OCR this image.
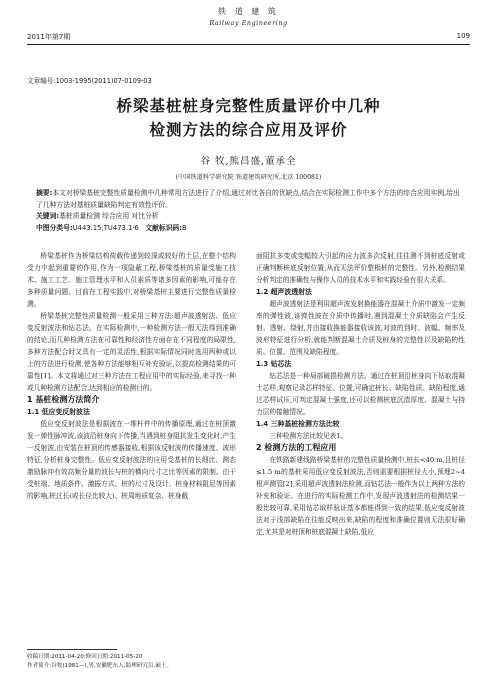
铁 道 建 筑
Railway Engineering
2011年第7期	109
文章编号:1003-1995(2011)07-0109-03
桥梁基桩桩身完整性质量评价中几种
检测方法的综合应用及评价
谷 牧,熊昌盛,董承全
(中国铁道科学研究院 铁道建筑研究所,北京 100081)

摘要:本文对桥梁基桩完整性质量检测中几种常用方法进行了介绍,通过对比各自的优缺点,结合在实际检测工作中多个方法的综合应用实例,给出了几种方法对基桩质量缺陷判定有效性评价。

关键词:基桩质量检测 综合应用 对比分析

中图分类号:U443.15;TU473.1·6 文献标识码:B

桥梁基桩作为桥梁结构荷载传递到较深或较好的土层,在整个结构受力中起到重要的作用,作为一项隐蔽工程,桥梁基桩的质量受施工技术、施工工艺、施工管理水平和人员素质等诸多因素的影响,可能存在多种质量问题。目前在工程实践中,对桥梁基桩主要进行完整性质量检测。

桥梁基桩完整性质量检测一般采用三种方法:超声波透射法、低应变反射波法和钻芯法。在实际检测中,一种检测方法一般无法得到准确的结论,而几种检测方法在可靠性和经济性方面存在不同程度的局限性,多种方法配合时又具有一定的灵活性,根据实际情况同时选用两种或以上的方法进行检测,使各种方法能够相互补充验证,以提高检测结果的可靠性[1]。本文将通过对三种方法在工程应用中的实际经验,来寻找一种或几种检测方法配合,达到相应的检测目的。

1 基桩检测方法简介

1.1 低应变反射波法

低应变反射波法是根据波在一维杆件中的传播原理,通过在桩顶激发一弹性脉冲波,该波沿桩身向下传播,当遇到桩身阻抗发生变化时,产生一反射波,由安装在桩顶的传感器接收,根据该反射波的传播速度、波形特征,分析桩身完整性。低应变反射波法的应用受基桩的长细比、测态激励脉冲有效高频分量的波长与桩的横向尺寸之比等因素的限制。由于受桩端、地质条件、激振方式、桩的尺寸及设计、桩身材料阻尼等因素的影响,桩过长(或长径比较大)、桩周地质复杂、桩身截

面阻抗多变或变幅较大引起的应力波多次反射,往往测不到桩底反射或正确判断桩底反射位置,从而无法评价整根桩的完整性。另外,检测结果分析判定的准确性与操作人员的技术水平和实践经验有很大关系。

1.2 超声波透射法

超声波透射法是利用超声波发射换能器在混凝土介质中激发一定频率的弹性波,该弹性波在介质中传播时,遇到混凝土介质缺陷会产生反射、透射、绕射,并由接收换能器接收该波,对波的到时、波幅、频率及波形特征进行分析,就能判断混凝土介质及桩身的完整性以及缺陷的性质、位置、范围及缺陷程度。

1.3 钻芯法

钻芯法是一种局部破损检测方法。通过在桩顶沿桩身向下钻取混凝土芯样,观察记录芯样特征、位置,可确定桩长、缺陷性质、缺陷程度,通过芯样试压,可判定混凝土强度,还可以检测桩底沉渣厚度、混凝土与持力层的接触情况。

1.4 三种基桩检测方法比较

三种检测方法比较见表1。

2 检测方法的工程应用

在铁路新建线路桥梁基桩的完整性质量检测中,桩长<40 m,且桩径≤1.5 m的基桩采用低应变反射波法,否则需要根据桩径大小,预埋2~4根声测管[2],采用超声波透射法检测,而钻芯法一般作为以上两种方法的补充和验证。在进行的实际检测工作中,发现声波透射法的检测结果一般比较可靠,采用钻芯取样验证基本都能得到一致的结果,低应变反射波法对于浅部缺陷在往能反映出来,缺陷的程度和准确位置则无法很好确定,尤其是对桩顶和桩底混凝土缺陷,低应

收稿日期:2011-04-20;修回日期:2011-05-20
作者简介:谷牧(1981—),男,安徽肥东人,助理研究员,硕士。
